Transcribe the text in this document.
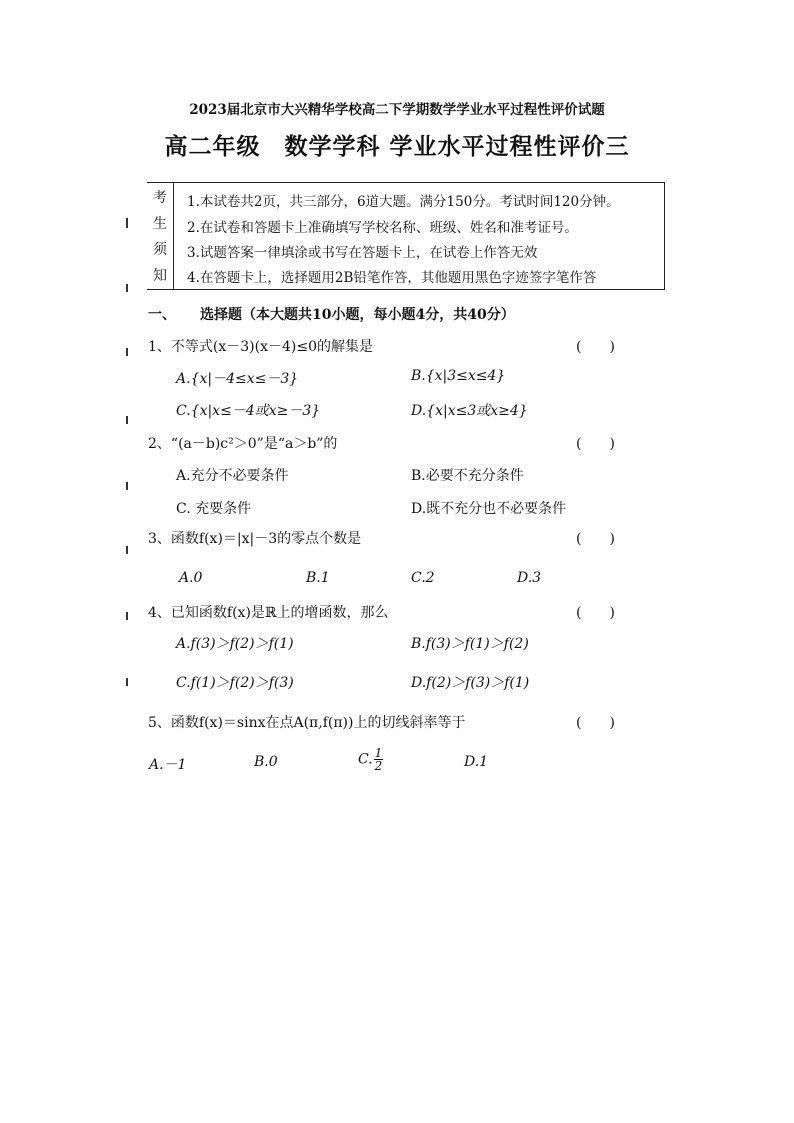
2023届北京市大兴精华学校高二下学期数学学业水平过程性评价试题
高二年级　数学学科 学业水平过程性评价三
考
生
须
知
1.本试卷共2页，共三部分，6道大题。满分150分。考试时间120分钟。
2.在试卷和答题卡上准确填写学校名称、班级、姓名和准考证号。
3.试题答案一律填涂或书写在答题卡上，在试卷上作答无效
4.在答题卡上，选择题用2B铅笔作答，其他题用黑色字迹签字笔作答
一、 选择题（本大题共10小题，每小题4分，共40分）
1、不等式(x－3)(x－4)≤0的解集是	(　　)
A.{x|－4≤x≤－3}	B.{x|3≤x≤4}
C.{x|x≤－4或x≥－3}	D.{x|x≤3或x≥4}
2、“(a－b)c²＞0”是“a＞b”的	(　　)
A.充分不必要条件	B.必要不充分条件
C. 充要条件	D.既不充分也不必要条件
3、函数f(x)＝|x|－3的零点个数是	(　　)
A.0	B.1	C.2	D.3
4、已知函数f(x)是ℝ上的增函数，那么	(　　)
A.f(3)＞f(2)＞f(1)	B.f(3)＞f(1)＞f(2)
C.f(1)＞f(2)＞f(3)	D.f(2)＞f(3)＞f(1)
5、函数f(x)＝sinx在点A(π,f(π))上的切线斜率等于	(　　)
A.－1	B.0	C. $\frac{1}{2}$	D.1
